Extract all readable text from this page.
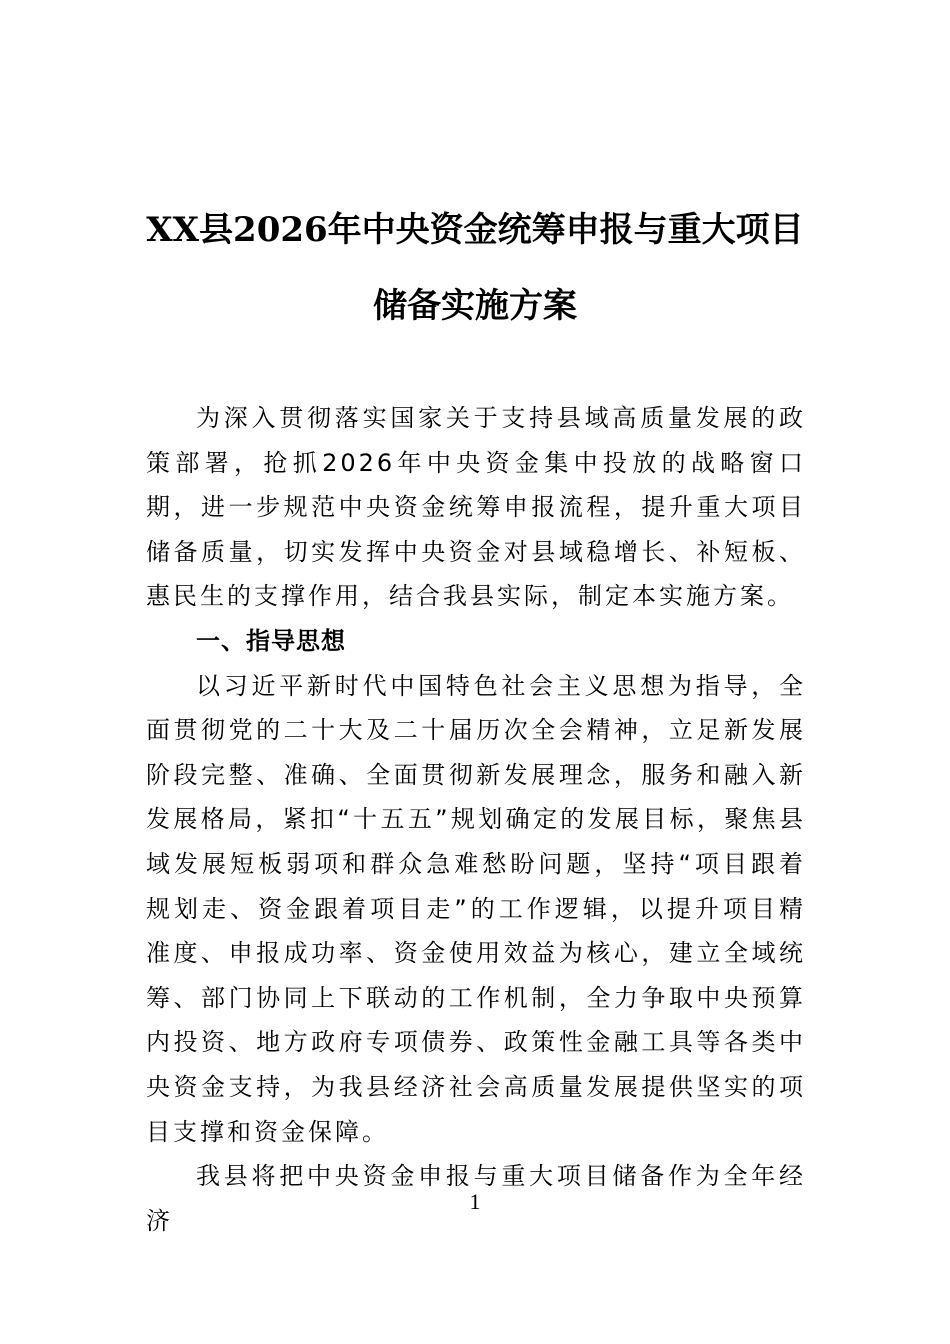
XX县2026年中央资金统筹申报与重大项目储备实施方案

为深入贯彻落实国家关于支持县域高质量发展的政策部署，抢抓2026年中央资金集中投放的战略窗口期，进一步规范中央资金统筹申报流程，提升重大项目储备质量，切实发挥中央资金对县域稳增长、补短板、惠民生的支撑作用，结合我县实际，制定本实施方案。

一、指导思想

以习近平新时代中国特色社会主义思想为指导，全面贯彻党的二十大及二十届历次全会精神，立足新发展阶段完整、准确、全面贯彻新发展理念，服务和融入新发展格局，紧扣“十五五”规划确定的发展目标，聚焦县域发展短板弱项和群众急难愁盼问题，坚持“项目跟着规划走、资金跟着项目走”的工作逻辑，以提升项目精准度、申报成功率、资金使用效益为核心，建立全域统筹、部门协同上下联动的工作机制，全力争取中央预算内投资、地方政府专项债券、政策性金融工具等各类中央资金支持，为我县经济社会高质量发展提供坚实的项目支撑和资金保障。

我县将把中央资金申报与重大项目储备作为全年经济

1
